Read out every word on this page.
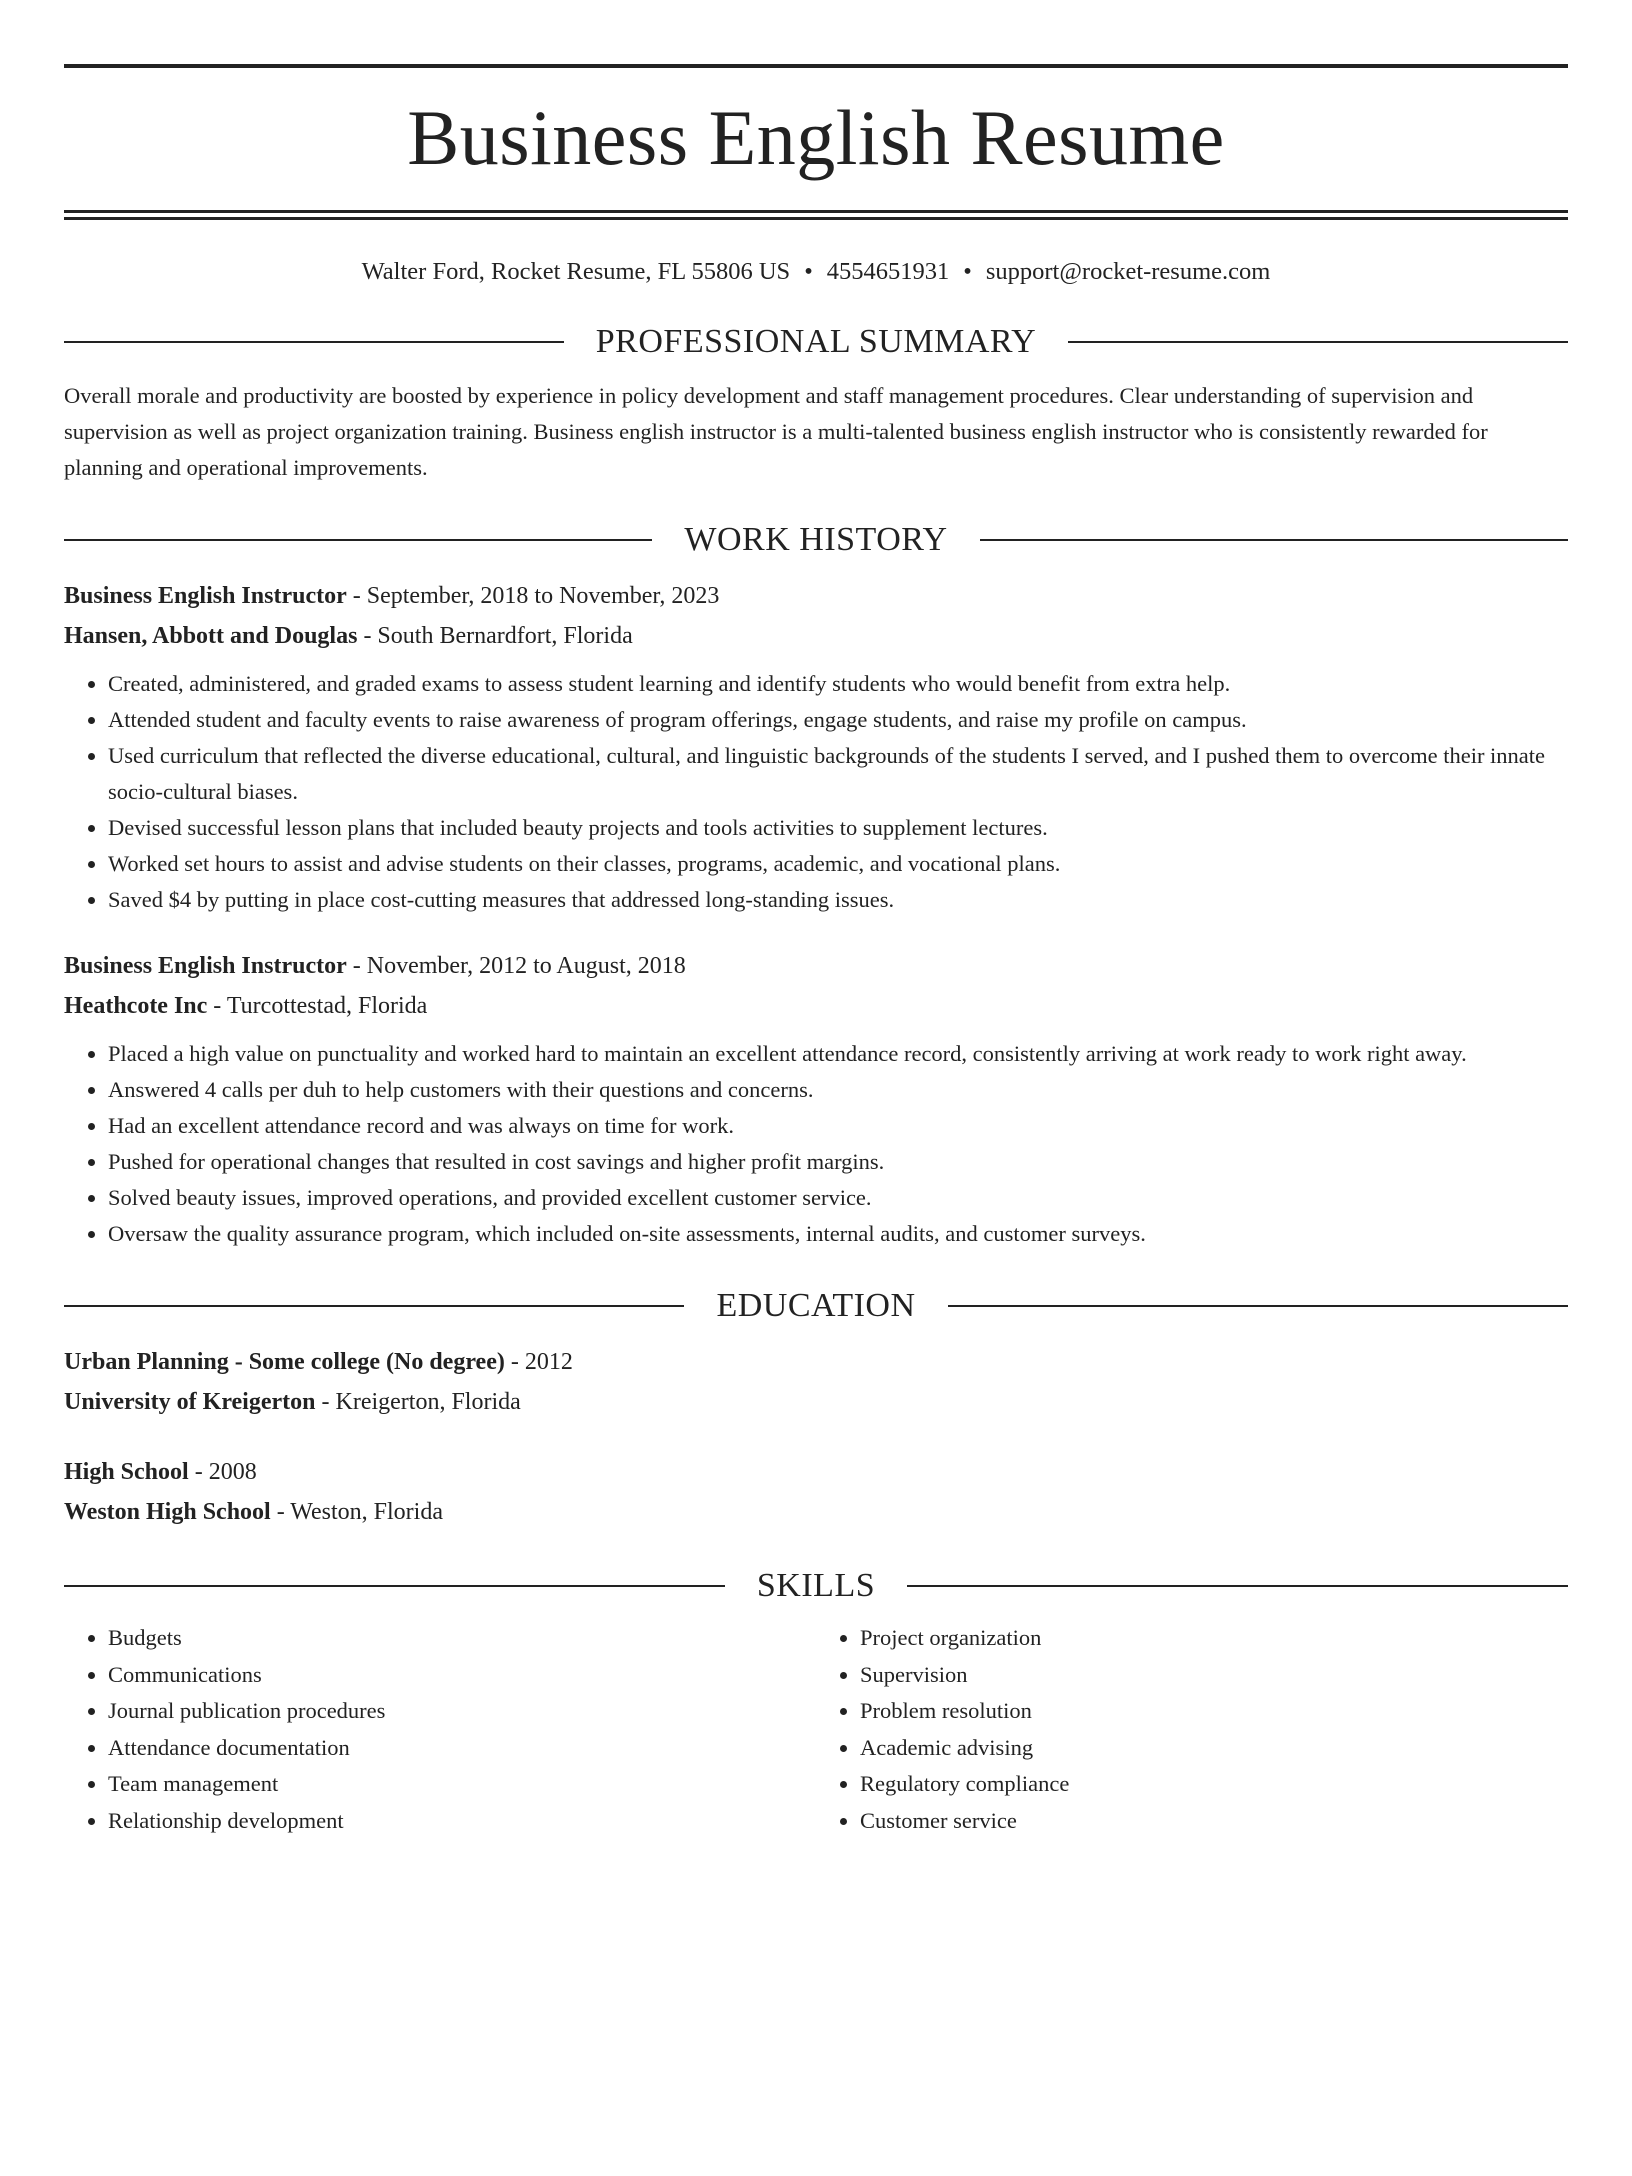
Business English Resume
Walter Ford, Rocket Resume, FL 55806 US • 4554651931 • support@rocket-resume.com
PROFESSIONAL SUMMARY
Overall morale and productivity are boosted by experience in policy development and staff management procedures. Clear understanding of supervision and supervision as well as project organization training. Business english instructor is a multi-talented business english instructor who is consistently rewarded for planning and operational improvements.
WORK HISTORY
Business English Instructor - September, 2018 to November, 2023
Hansen, Abbott and Douglas - South Bernardfort, Florida
• Created, administered, and graded exams to assess student learning and identify students who would benefit from extra help.
• Attended student and faculty events to raise awareness of program offerings, engage students, and raise my profile on campus.
• Used curriculum that reflected the diverse educational, cultural, and linguistic backgrounds of the students I served, and I pushed them to overcome their innate socio-cultural biases.
• Devised successful lesson plans that included beauty projects and tools activities to supplement lectures.
• Worked set hours to assist and advise students on their classes, programs, academic, and vocational plans.
• Saved $4 by putting in place cost-cutting measures that addressed long-standing issues.
Business English Instructor - November, 2012 to August, 2018
Heathcote Inc - Turcottestad, Florida
• Placed a high value on punctuality and worked hard to maintain an excellent attendance record, consistently arriving at work ready to work right away.
• Answered 4 calls per duh to help customers with their questions and concerns.
• Had an excellent attendance record and was always on time for work.
• Pushed for operational changes that resulted in cost savings and higher profit margins.
• Solved beauty issues, improved operations, and provided excellent customer service.
• Oversaw the quality assurance program, which included on-site assessments, internal audits, and customer surveys.
EDUCATION
Urban Planning - Some college (No degree) - 2012
University of Kreigerton - Kreigerton, Florida
High School - 2008
Weston High School - Weston, Florida
SKILLS
• Budgets
• Communications
• Journal publication procedures
• Attendance documentation
• Team management
• Relationship development
• Project organization
• Supervision
• Problem resolution
• Academic advising
• Regulatory compliance
• Customer service
